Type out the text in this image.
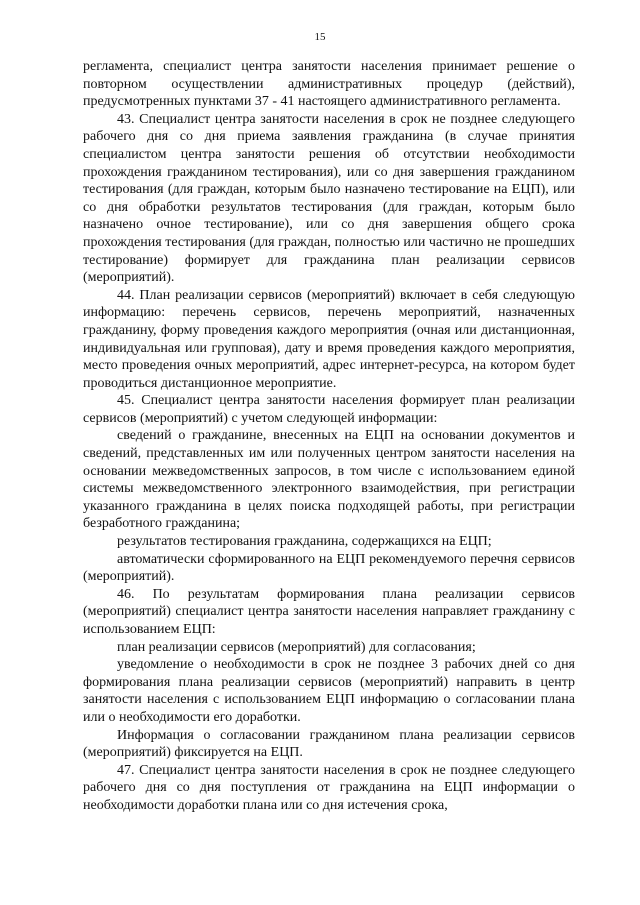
15

регламента, специалист центра занятости населения принимает решение о повторном осуществлении административных процедур (действий), предусмотренных пунктами 37 - 41 настоящего административного регламента.

43. Специалист центра занятости населения в срок не позднее следующего рабочего дня со дня приема заявления гражданина (в случае принятия специалистом центра занятости решения об отсутствии необходимости прохождения гражданином тестирования), или со дня завершения гражданином тестирования (для граждан, которым было назначено тестирование на ЕЦП), или со дня обработки результатов тестирования (для граждан, которым было назначено очное тестирование), или со дня завершения общего срока прохождения тестирования (для граждан, полностью или частично не прошедших тестирование) формирует для гражданина план реализации сервисов (мероприятий).

44. План реализации сервисов (мероприятий) включает в себя следующую информацию: перечень сервисов, перечень мероприятий, назначенных гражданину, форму проведения каждого мероприятия (очная или дистанционная, индивидуальная или групповая), дату и время проведения каждого мероприятия, место проведения очных мероприятий, адрес интернет-ресурса, на котором будет проводиться дистанционное мероприятие.

45. Специалист центра занятости населения формирует план реализации сервисов (мероприятий) с учетом следующей информации:

сведений о гражданине, внесенных на ЕЦП на основании документов и сведений, представленных им или полученных центром занятости населения на основании межведомственных запросов, в том числе с использованием единой системы межведомственного электронного взаимодействия, при регистрации указанного гражданина в целях поиска подходящей работы, при регистрации безработного гражданина;

результатов тестирования гражданина, содержащихся на ЕЦП;

автоматически сформированного на ЕЦП рекомендуемого перечня сервисов (мероприятий).

46. По результатам формирования плана реализации сервисов (мероприятий) специалист центра занятости населения направляет гражданину с использованием ЕЦП:

план реализации сервисов (мероприятий) для согласования;

уведомление о необходимости в срок не позднее 3 рабочих дней со дня формирования плана реализации сервисов (мероприятий) направить в центр занятости населения с использованием ЕЦП информацию о согласовании плана или о необходимости его доработки.

Информация о согласовании гражданином плана реализации сервисов (мероприятий) фиксируется на ЕЦП.

47. Специалист центра занятости населения в срок не позднее следующего рабочего дня со дня поступления от гражданина на ЕЦП информации о необходимости доработки плана или со дня истечения срока,
